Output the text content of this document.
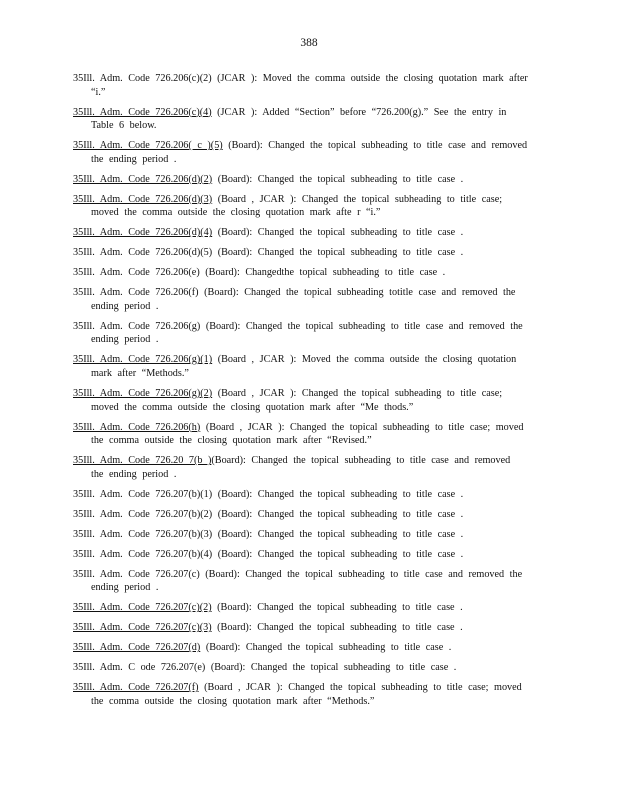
388
35Ill. Adm. Code 726.206(c)(2) (JCAR ): Moved the comma outside the closing quotation mark after “i.”
35Ill. Adm. Code 726.206(c)(4) (JCAR ): Added “Section” before “726.200(g).” See the entry in Table 6 below.
35Ill. Adm. Code 726.206( c )(5) (Board): Changed the topical subheading to title case and removed the ending period .
35Ill. Adm. Code 726.206(d)(2) (Board): Changed the topical subheading to title case .
35Ill. Adm. Code 726.206(d)(3) (Board , JCAR ): Changed the topical subheading to title case; moved the comma outside the closing quotation mark afte r “i.”
35Ill. Adm. Code 726.206(d)(4) (Board): Changed the topical subheading to title case .
35Ill. Adm. Code 726.206(d)(5) (Board): Changed the topical subheading to title case .
35Ill. Adm. Code 726.206(e) (Board): Changedthe topical subheading to title case .
35Ill. Adm. Code 726.206(f) (Board): Changed the topical subheading totitle case and removed the ending period .
35Ill. Adm. Code 726.206(g) (Board): Changed the topical subheading to title case and removed the ending period .
35Ill. Adm. Code 726.206(g)(1) (Board , JCAR ): Moved the comma outside the closing quotation mark after “Methods.”
35Ill. Adm. Code 726.206(g)(2) (Board , JCAR ): Changed the topical subheading to title case; moved the comma outside the closing quotation mark after “Me thods.”
35Ill. Adm. Code 726.206(h) (Board , JCAR ): Changed the topical subheading to title case; moved the comma outside the closing quotation mark after “Revised.”
35Ill. Adm. Code 726.20 7(b )(Board): Changed the topical subheading to title case and removed the ending period .
35Ill. Adm. Code 726.207(b)(1) (Board): Changed the topical subheading to title case .
35Ill. Adm. Code 726.207(b)(2) (Board): Changed the topical subheading to title case .
35Ill. Adm. Code 726.207(b)(3) (Board): Changed the topical subheading to title case .
35Ill. Adm. Code 726.207(b)(4) (Board): Changed the topical subheading to title case .
35Ill. Adm. Code 726.207(c) (Board): Changed the topical subheading to title case and removed the ending period .
35Ill. Adm. Code 726.207(c)(2) (Board): Changed the topical subheading to title case .
35Ill. Adm. Code 726.207(c)(3) (Board): Changed the topical subheading to title case .
35Ill. Adm. Code 726.207(d) (Board): Changed the topical subheading to title case .
35Ill. Adm. C ode 726.207(e) (Board): Changed the topical subheading to title case .
35Ill. Adm. Code 726.207(f) (Board , JCAR ): Changed the topical subheading to title case; moved the comma outside the closing quotation mark after “Methods.”
